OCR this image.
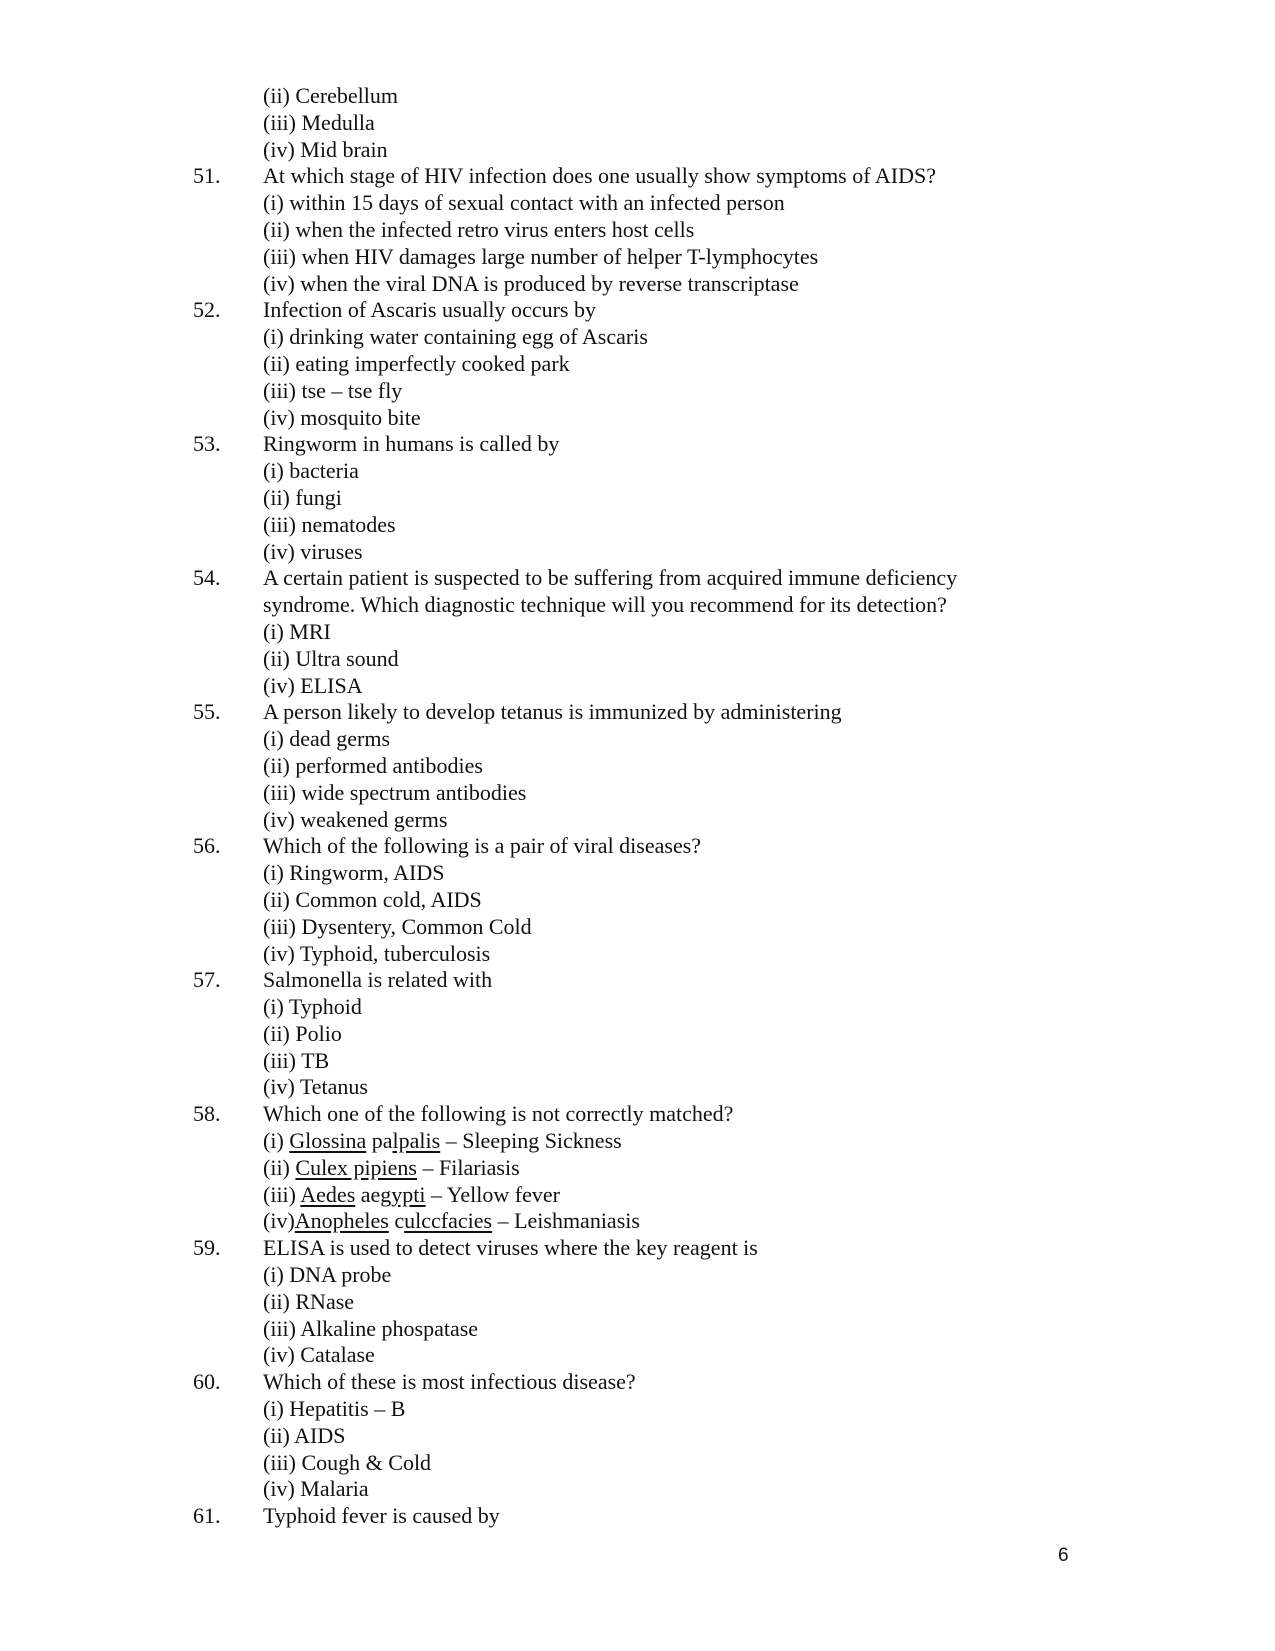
(ii) Cerebellum
(iii) Medulla
(iv) Mid brain
51. At which stage of HIV infection does one usually show symptoms of AIDS?
(i) within 15 days of sexual contact with an infected person
(ii) when the infected retro virus enters host cells
(iii) when HIV damages large number of helper T-lymphocytes
(iv) when the viral DNA is produced by reverse transcriptase
52. Infection of Ascaris usually occurs by
(i) drinking water containing egg of Ascaris
(ii) eating imperfectly cooked park
(iii) tse – tse fly
(iv) mosquito bite
53. Ringworm in humans is called by
(i) bacteria
(ii) fungi
(iii) nematodes
(iv) viruses
54. A certain patient is suspected to be suffering from acquired immune deficiency
syndrome. Which diagnostic technique will you recommend for its detection?
(i) MRI
(ii) Ultra sound
(iv) ELISA
55. A person likely to develop tetanus is immunized by administering
(i) dead germs
(ii) performed antibodies
(iii) wide spectrum antibodies
(iv) weakened germs
56. Which of the following is a pair of viral diseases?
(i) Ringworm, AIDS
(ii) Common cold, AIDS
(iii) Dysentery, Common Cold
(iv) Typhoid, tuberculosis
57. Salmonella is related with
(i) Typhoid
(ii) Polio
(iii) TB
(iv) Tetanus
58. Which one of the following is not correctly matched?
(i) Glossina palpalis – Sleeping Sickness
(ii) Culex pipiens – Filariasis
(iii) Aedes aegypti – Yellow fever
(iv)Anopheles culccfacies – Leishmaniasis
59. ELISA is used to detect viruses where the key reagent is
(i) DNA probe
(ii) RNase
(iii) Alkaline phospatase
(iv) Catalase
60. Which of these is most infectious disease?
(i) Hepatitis – B
(ii) AIDS
(iii) Cough & Cold
(iv) Malaria
61. Typhoid fever is caused by
6
